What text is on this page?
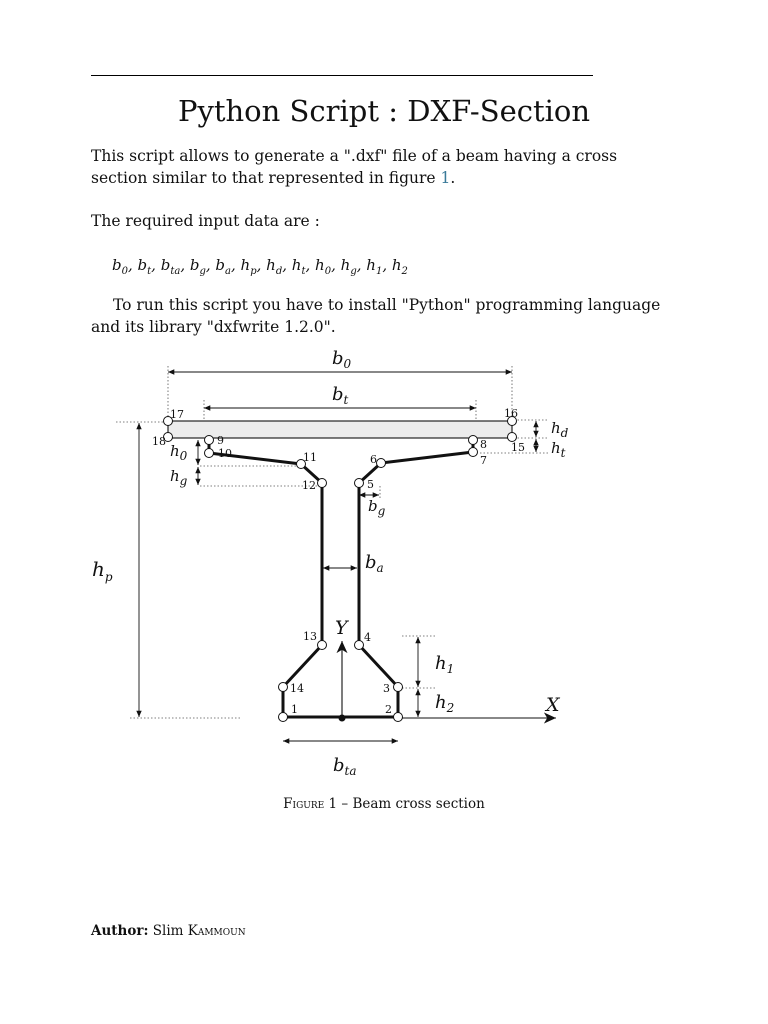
Python Script : DXF-Section
This script allows to generate a ".dxf" file of a beam having a cross section similar to that represented in figure 1.
The required input data are :
$b_0$, $b_t$, $b_{ta}$, $b_g$, $b_a$, $h_p$, $h_d$, $h_t$, $h_0$, $h_g$, $h_1$, $h_2$
To run this script you have to install "Python" programming language and its library "dxfwrite 1.2.0".
1	2
3
4
5
6	7
8
9
10	11
12
13
14
15
16
17
18
$b_0$
$b_t$
$h_d$
$h_t$
$h_0$
$h_g$
$b_g$
$h_p$
$b_a$
$h_1$
$h_2$
$b_{ta}$
X
Y
Figure 1 – Beam cross section
Author: Slim Kammoun
